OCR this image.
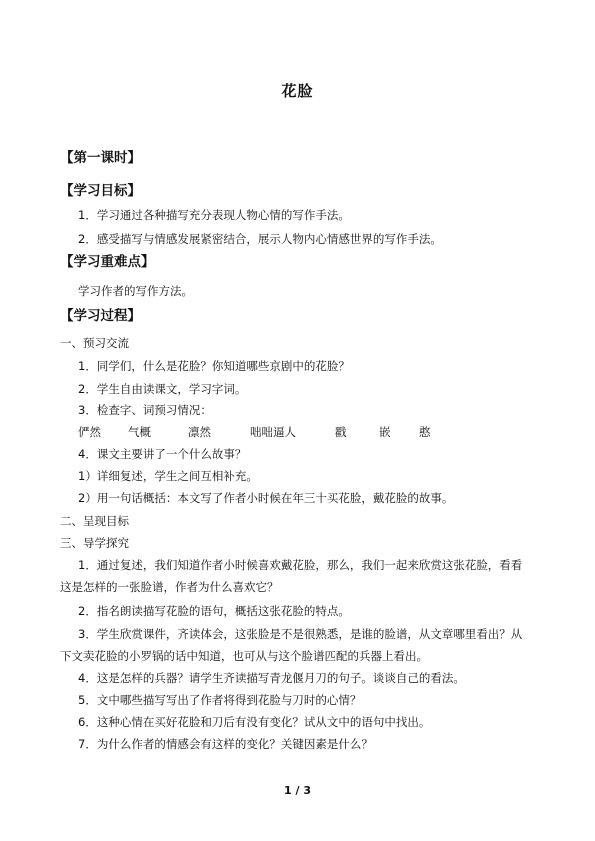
花脸
【第一课时】
【学习目标】
1．学习通过各种描写充分表现人物心情的写作手法。
2．感受描写与情感发展紧密结合，展示人物内心情感世界的写作手法。
【学习重难点】
学习作者的写作方法。
【学习过程】
一、预习交流
1．同学们，什么是花脸？你知道哪些京剧中的花脸？
2．学生自由读课文，学习字词。
3．检查字、词预习情况：
俨然	气概	凛然	咄咄逼人	戳	嵌	憨
4．课文主要讲了一个什么故事？
1）详细复述，学生之间互相补充。
2）用一句话概括：本文写了作者小时候在年三十买花脸，戴花脸的故事。
二、呈现目标
三、导学探究
1．通过复述，我们知道作者小时候喜欢戴花脸，那么，我们一起来欣赏这张花脸，看看
这是怎样的一张脸谱，作者为什么喜欢它？
2．指名朗读描写花脸的语句，概括这张花脸的特点。
3．学生欣赏课件，齐读体会，这张脸是不是很熟悉，是谁的脸谱，从文章哪里看出？从
下文卖花脸的小罗锅的话中知道，也可从与这个脸谱匹配的兵器上看出。
4．这是怎样的兵器？请学生齐读描写青龙偃月刀的句子。谈谈自己的看法。
5．文中哪些描写写出了作者将得到花脸与刀时的心情？
6．这种心情在买好花脸和刀后有没有变化？试从文中的语句中找出。
7．为什么作者的情感会有这样的变化？关键因素是什么？
1 / 3
